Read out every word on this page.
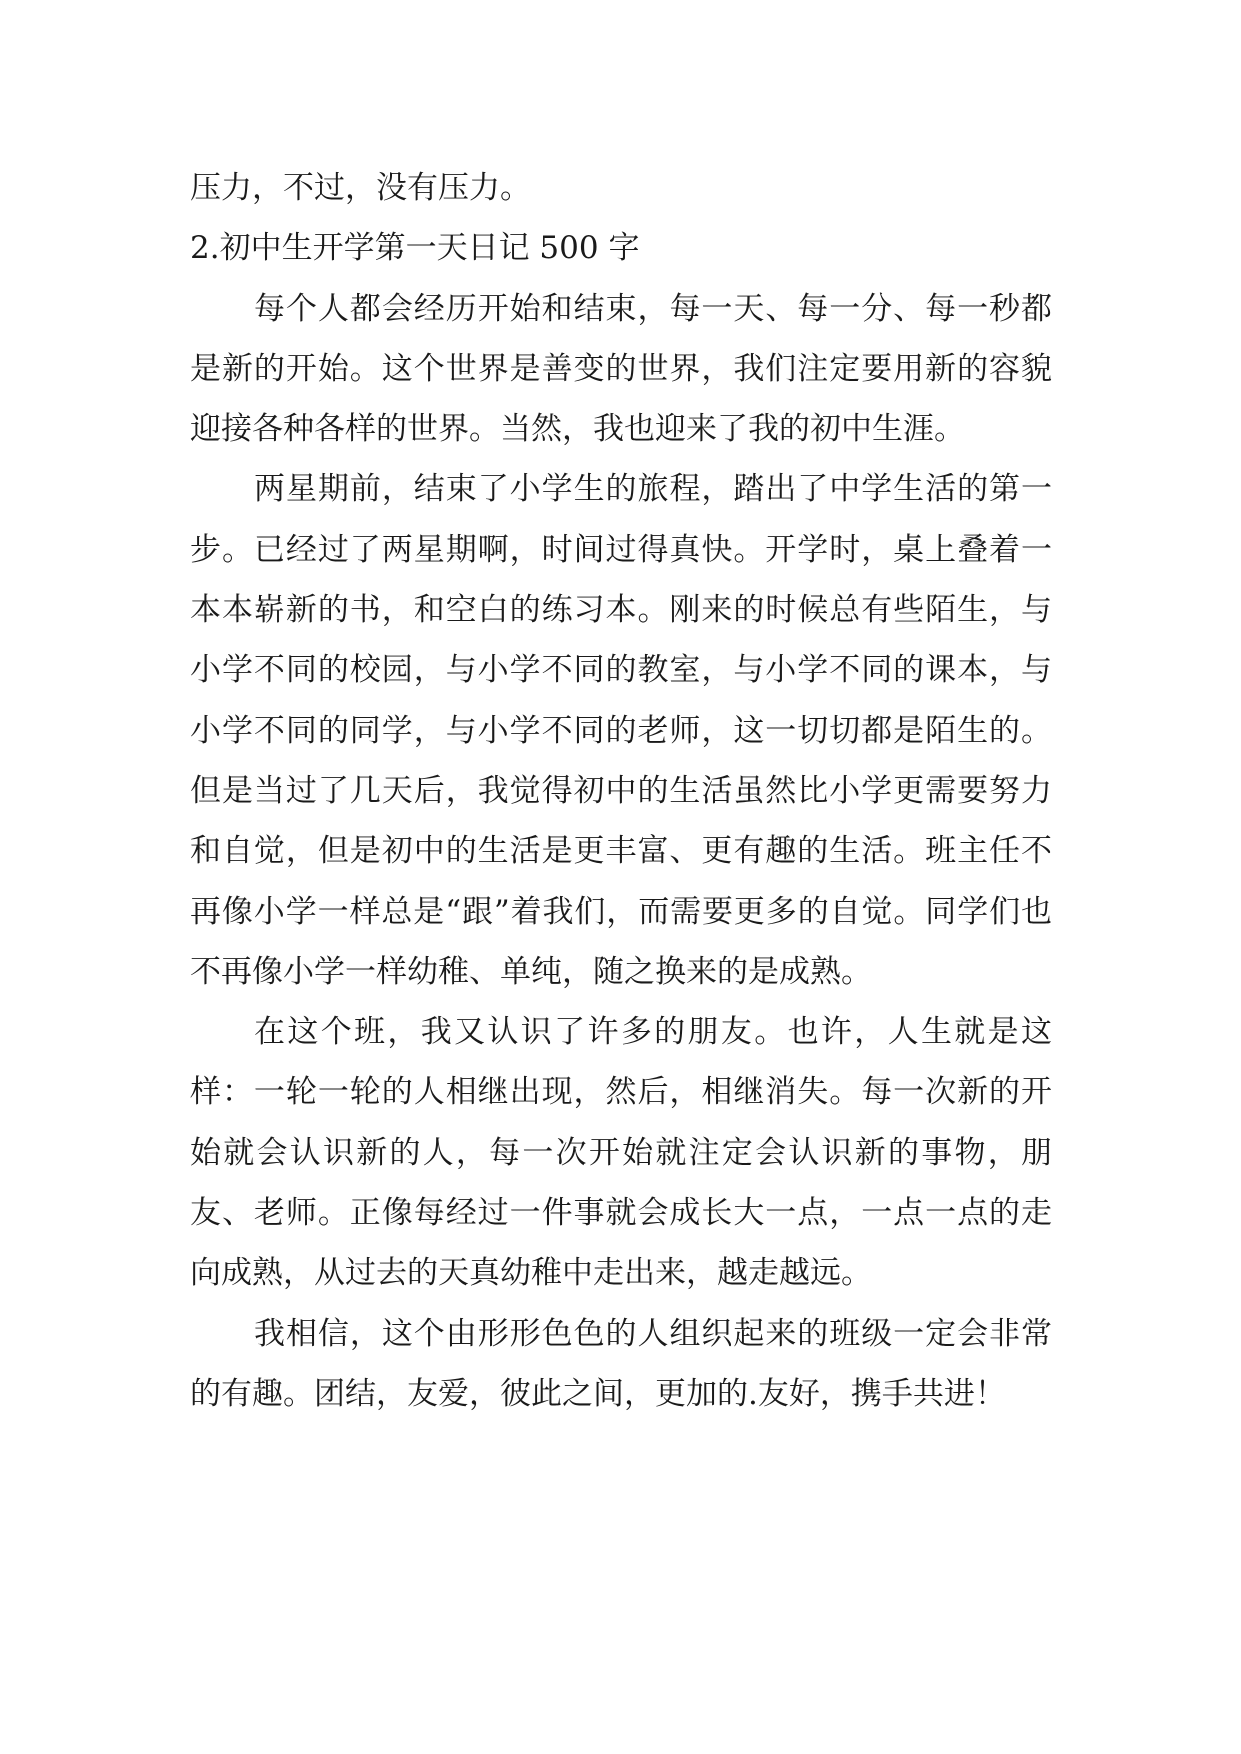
压力，不过，没有压力。

2.初中生开学第一天日记 500 字

每个人都会经历开始和结束，每一天、每一分、每一秒都是新的开始。这个世界是善变的世界，我们注定要用新的容貌迎接各种各样的世界。当然，我也迎来了我的初中生涯。

两星期前，结束了小学生的旅程，踏出了中学生活的第一步。已经过了两星期啊，时间过得真快。开学时，桌上叠着一本本崭新的书，和空白的练习本。刚来的时候总有些陌生，与小学不同的校园，与小学不同的教室，与小学不同的课本，与小学不同的同学，与小学不同的老师，这一切切都是陌生的。但是当过了几天后，我觉得初中的生活虽然比小学更需要努力和自觉，但是初中的生活是更丰富、更有趣的生活。班主任不再像小学一样总是“跟”着我们，而需要更多的自觉。同学们也不再像小学一样幼稚、单纯，随之换来的是成熟。

在这个班，我又认识了许多的朋友。也许，人生就是这样：一轮一轮的人相继出现，然后，相继消失。每一次新的开始就会认识新的人，每一次开始就注定会认识新的事物，朋友、老师。正像每经过一件事就会成长大一点，一点一点的走向成熟，从过去的天真幼稚中走出来，越走越远。

我相信，这个由形形色色的人组织起来的班级一定会非常的有趣。团结，友爱，彼此之间，更加的.友好，携手共进！
